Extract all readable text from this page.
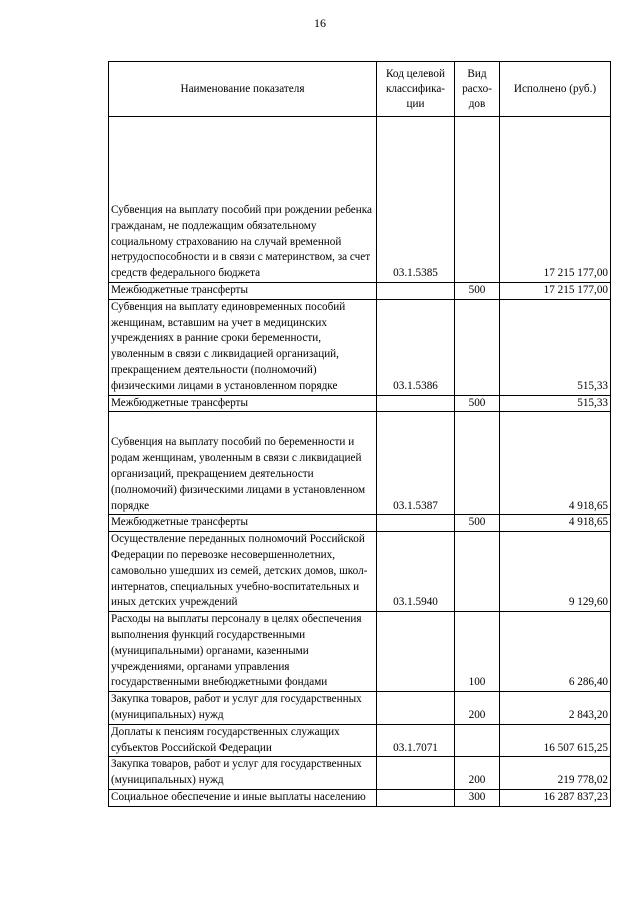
16
Наименование показателя	Код целевой классифика-ции	Вид расхо-дов	Исполнено (руб.)
Субвенция на выплату пособий при рождении ребенка гражданам, не подлежащим обязательному социальному страхованию на случай временной нетрудоспособности и в связи с материнством, за счет средств федерального бюджета	03.1.5385		17 215 177,00
Межбюджетные трансферты		500	17 215 177,00
Субвенция на выплату единовременных пособий женщинам, вставшим на учет в медицинских учреждениях в ранние сроки беременности, уволенным в связи с ликвидацией организаций, прекращением деятельности (полномочий) физическими лицами в установленном порядке	03.1.5386		515,33
Межбюджетные трансферты		500	515,33
Субвенция на выплату пособий по беременности и родам женщинам, уволенным в связи с ликвидацией организаций, прекращением деятельности (полномочий) физическими лицами в установленном порядке	03.1.5387		4 918,65
Межбюджетные трансферты		500	4 918,65
Осуществление переданных полномочий Российской Федерации по перевозке несовершеннолетних, самовольно ушедших из семей, детских домов, школ-интернатов, специальных учебно-воспитательных и иных детских учреждений	03.1.5940		9 129,60
Расходы на выплаты персоналу в целях обеспечения выполнения функций государственными (муниципальными) органами, казенными учреждениями, органами управления государственными внебюджетными фондами		100	6 286,40
Закупка товаров, работ и услуг для государственных (муниципальных) нужд		200	2 843,20
Доплаты к пенсиям государственных служащих субъектов Российской Федерации	03.1.7071		16 507 615,25
Закупка товаров, работ и услуг для государственных (муниципальных) нужд		200	219 778,02
Социальное обеспечение и иные выплаты населению		300	16 287 837,23
